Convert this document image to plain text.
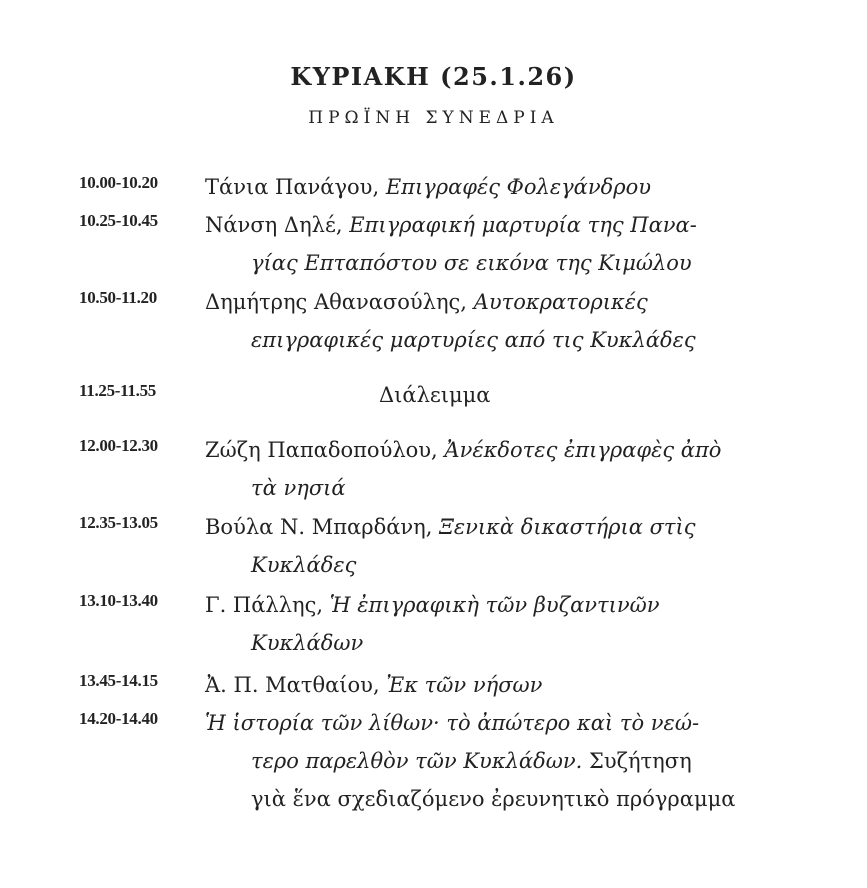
ΚΥΡΙΑΚΗ (25.1.26)
ΠΡΩΪΝΗ ΣΥΝΕΔΡΙΑ
10.00-10.20 Τάνια Πανάγου, Επιγραφές Φολεγάνδρου
10.25-10.45 Νάνση Δηλέ, Επιγραφική μαρτυρία της Πανα-
γίας Επταπόστου σε εικόνα της Κιμώλου
10.50-11.20 Δημήτρης Αθανασούλης, Αυτοκρατορικές
επιγραφικές μαρτυρίες από τις Κυκλάδες
11.25-11.55	Διάλειμμα
12.00-12.30 Ζώζη Παπαδοπούλου, Ἀνέκδοτες ἐπιγραφὲς ἀπὸ
τὰ νησιά
12.35-13.05 Βούλα Ν. Μπαρδάνη, Ξενικὰ δικαστήρια στὶς
Κυκλάδες
13.10-13.40 Γ. Πάλλης, Ἡ ἐπιγραφικὴ τῶν βυζαντινῶν
Κυκλάδων
13.45-14.15 Ἀ. Π. Ματθαίου, Ἐκ τῶν νήσων
14.20-14.40 Ἡ ἱστορία τῶν λίθων· τὸ ἀπώτερο καὶ τὸ νεώ-
τερο παρελθὸν τῶν Κυκλάδων. Συζήτηση
γιὰ ἕνα σχεδιαζόμενο ἐρευνητικὸ πρόγραμμα
